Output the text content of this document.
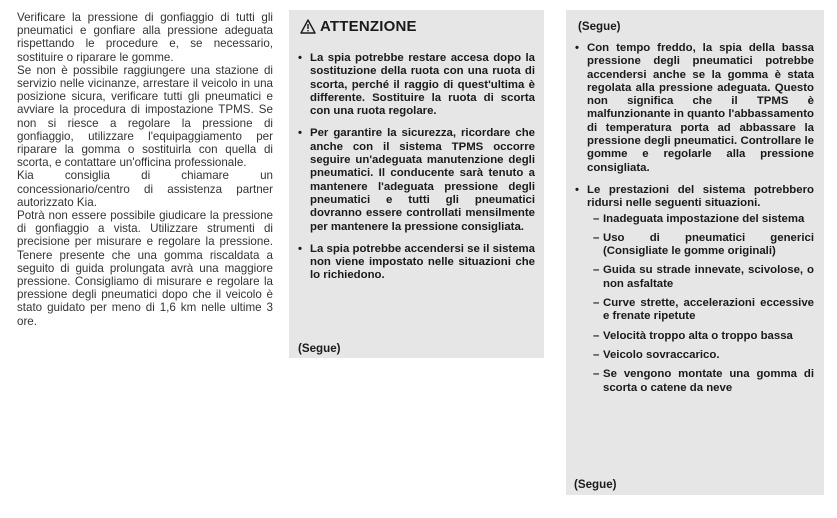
Verificare la pressione di gonfiaggio di tutti gli pneumatici e gonfiare alla pressione adeguata rispettando le procedure e, se necessario, sostituire o riparare le gomme.

Se non è possibile raggiungere una stazione di servizio nelle vicinanze, arrestare il veicolo in una posizione sicura, verificare tutti gli pneumatici e avviare la procedura di impostazione TPMS. Se non si riesce a regolare la pressione di gonfiaggio, utilizzare l'equipaggiamento per riparare la gomma o sostituirla con quella di scorta, e contattare un'officina professionale.

Kia consiglia di chiamare un concessionario/centro di assistenza partner autorizzato Kia.

Potrà non essere possibile giudicare la pressione di gonfiaggio a vista. Utilizzare strumenti di precisione per misurare e regolare la pressione. Tenere presente che una gomma riscaldata a seguito di guida prolungata avrà una maggiore pressione. Consigliamo di misurare e regolare la pressione degli pneumatici dopo che il veicolo è stato guidato per meno di 1,6 km nelle ultime 3 ore.

ATTENZIONE
• La spia potrebbe restare accesa dopo la sostituzione della ruota con una ruota di scorta, perché il raggio di quest'ultima è differente. Sostituire la ruota di scorta con una ruota regolare.
• Per garantire la sicurezza, ricordare che anche con il sistema TPMS occorre seguire un'adeguata manutenzione degli pneumatici. Il conducente sarà tenuto a mantenere l'adeguata pressione degli pneumatici e tutti gli pneumatici dovranno essere controllati mensilmente per mantenere la pressione consigliata.
• La spia potrebbe accendersi se il sistema non viene impostato nelle situazioni che lo richiedono.
(Segue)
(Segue)
• Con tempo freddo, la spia della bassa pressione degli pneumatici potrebbe accendersi anche se la gomma è stata regolata alla pressione adeguata. Questo non significa che il TPMS è malfunzionante in quanto l'abbassamento di temperatura porta ad abbassare la pressione degli pneumatici. Controllare le gomme e regolarle alla pressione consigliata.
• Le prestazioni del sistema potrebbero ridursi nelle seguenti situazioni.
– Inadeguata impostazione del sistema
– Uso di pneumatici generici (Consigliate le gomme originali)
– Guida su strade innevate, scivolose, o non asfaltate
– Curve strette, accelerazioni eccessive e frenate ripetute
– Velocità troppo alta o troppo bassa
– Veicolo sovraccarico.
– Se vengono montate una gomma di scorta o catene da neve
(Segue)
